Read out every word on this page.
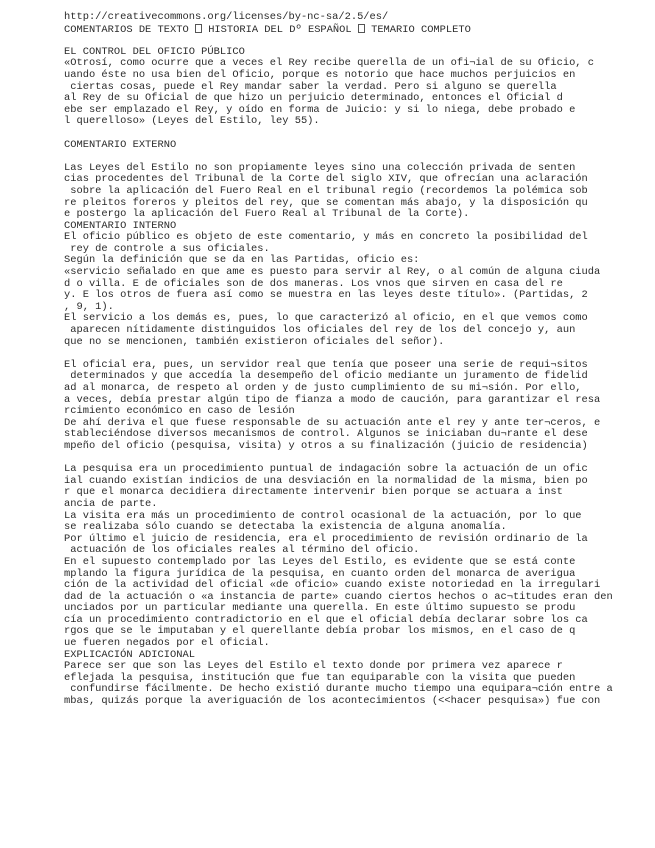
http://creativecommons.org/licenses/by-nc-sa/2.5/es/
COMENTARIOS DE TEXTO  HISTORIA DEL Dº ESPAÑOL  TEMARIO COMPLETO
EL CONTROL DEL OFICIO PÚBLICO
«Otrosí, como ocurre que a veces el Rey recibe querella de un ofi¬ial de su Oficio, c
uando éste no usa bien del Oficio, porque es notorio que hace muchos perjuicios en
ciertas cosas, puede el Rey mandar saber la verdad. Pero si alguno se querella
al Rey de su Oficial de que hizo un perjuicio determinado, entonces el Oficial d
ebe ser emplazado el Rey, y oído en forma de Juicio: y si lo niega, debe probado e
l querelloso» (Leyes del Estilo, ley 55).
COMENTARIO EXTERNO
Las Leyes del Estilo no son propiamente leyes sino una colección privada de senten
cias procedentes del Tribunal de la Corte del siglo XIV, que ofrecían una aclaración
sobre la aplicación del Fuero Real en el tribunal regio (recordemos la polémica sob
re pleitos foreros y pleitos del rey, que se comentan más abajo, y la disposición qu
e postergo la aplicación del Fuero Real al Tribunal de la Corte).
COMENTARIO INTERNO
El oficio público es objeto de este comentario, y más en concreto la posibilidad del
rey de controle a sus oficiales.
Según la definición que se da en las Partidas, oficio es:
«servicio señalado en que ame es puesto para servir al Rey, o al común de alguna ciuda
d o villa. E de oficiales son de dos maneras. Los vnos que sirven en casa del re
y. E los otros de fuera así como se muestra en las leyes deste título». (Partidas, 2
, 9, 1).
El servicio a los demás es, pues, lo que caracterizó al oficio, en el que vemos como
aparecen nítidamente distinguidos los oficiales del rey de los del concejo y, aun
que no se mencionen, también existieron oficiales del señor).
El oficial era, pues, un servidor real que tenía que poseer una serie de requi¬sitos
determinados y que accedía la desempeño del oficio mediante un juramento de fidelid
ad al monarca, de respeto al orden y de justo cumplimiento de su mi¬sión. Por ello,
a veces, debía prestar algún tipo de fianza a modo de caución, para garantizar el resa
rcimiento económico en caso de lesión
De ahí deriva el que fuese responsable de su actuación ante el rey y ante ter¬ceros, e
stableciéndose diversos mecanismos de control. Algunos se iniciaban du¬rante el dese
mpeño del oficio (pesquisa, visita) y otros a su finalización (juicio de residencia)
La pesquisa era un procedimiento puntual de indagación sobre la actuación de un ofic
ial cuando existían indicios de una desviación en la normalidad de la misma, bien po
r que el monarca decidiera directamente intervenir bien porque se actuara a inst
ancia de parte.
La visita era más un procedimiento de control ocasional de la actuación, por lo que
se realizaba sólo cuando se detectaba la existencia de alguna anomalía.
Por último el juicio de residencia, era el procedimiento de revisión ordinario de la
actuación de los oficiales reales al término del oficio.
En el supuesto contemplado por las Leyes del Estilo, es evidente que se está conte
mplando la figura jurídica de la pesquisa, en cuanto orden del monarca de averigua
ción de la actividad del oficial «de oficio» cuando existe notoriedad en la irregulari
dad de la actuación o «a instancia de parte» cuando ciertos hechos o ac¬titudes eran den
unciados por un particular mediante una querella. En este último supuesto se produ
cía un procedimiento contradictorio en el que el oficial debía declarar sobre los ca
rgos que se le imputaban y el querellante debía probar los mismos, en el caso de q
ue fueren negados por el oficial.
EXPLICACIÓN ADICIONAL
Parece ser que son las Leyes del Estilo el texto donde por primera vez aparece r
eflejada la pesquisa, institución que fue tan equiparable con la visita que pueden
confundirse fácilmente. De hecho existió durante mucho tiempo una equipara¬ción entre a
mbas, quizás porque la averiguación de los acontecimientos (<<hacer pesquisa») fue con
